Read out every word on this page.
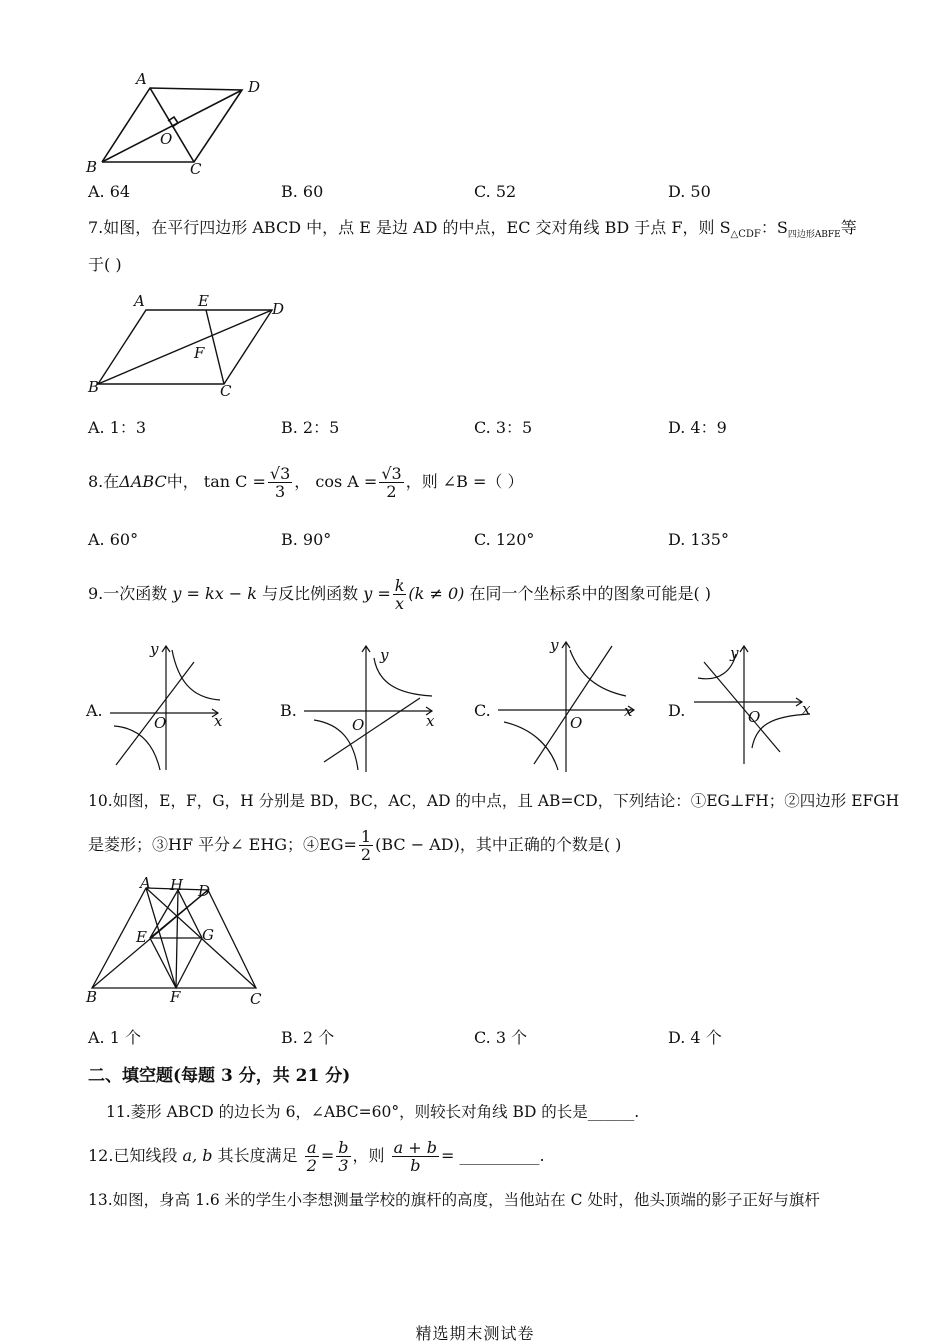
A	D
B	C
O
A. 64	B. 60	C. 52	D. 50
7.如图，在平行四边形 ABCD 中，点 E 是边 AD 的中点，EC 交对角线 BD 于点 F，则 $S_{\triangle CDF}$：$S_{四边形ABFE}$等
于( )
A	E	D
F
B	C
A. 1：3	B. 2：5	C. 3：5	D. 4：9
8.在ΔABC中， $\tan C = \frac{√3}{3}$ ， $\cos A = \frac{√3}{2}$ ，则 ∠B =（ ）
A. 60°	B. 90°	C. 120°	D. 135°
9.一次函数 y = kx − k 与反比例函数 $y = \frac{k}{x} (k \ne 0)$ 在同一个坐标系中的图象可能是( )
A.
y
x
O
B.
y
x
O
C.
y
x
O
D.
y
x
O
10.如图，E，F，G，H 分别是 BD，BC，AC，AD 的中点，且 AB=CD，下列结论：①EG⊥FH；②四边形 EFGH
是菱形；③HF 平分∠ EHG；④EG= $\frac{1}{2} (BC - AD)$，其中正确的个数是( )
A H D
E	G
B	F	C
A. 1 个	B. 2 个	C. 3 个	D. 4 个
二、填空题(每题 3 分，共 21 分)
11.菱形 ABCD 的边长为 6，∠ABC=60°，则较长对角线 BD 的长是______.
12.已知线段 a, b 其长度满足 $\frac{a}{2} = \frac{b}{3}$ ，则 $\frac{a + b}{b}$ = __________.
13.如图，身高 1.6 米的学生小李想测量学校的旗杆的高度，当他站在 C 处时，他头顶端的影子正好与旗杆
精选期末测试卷
